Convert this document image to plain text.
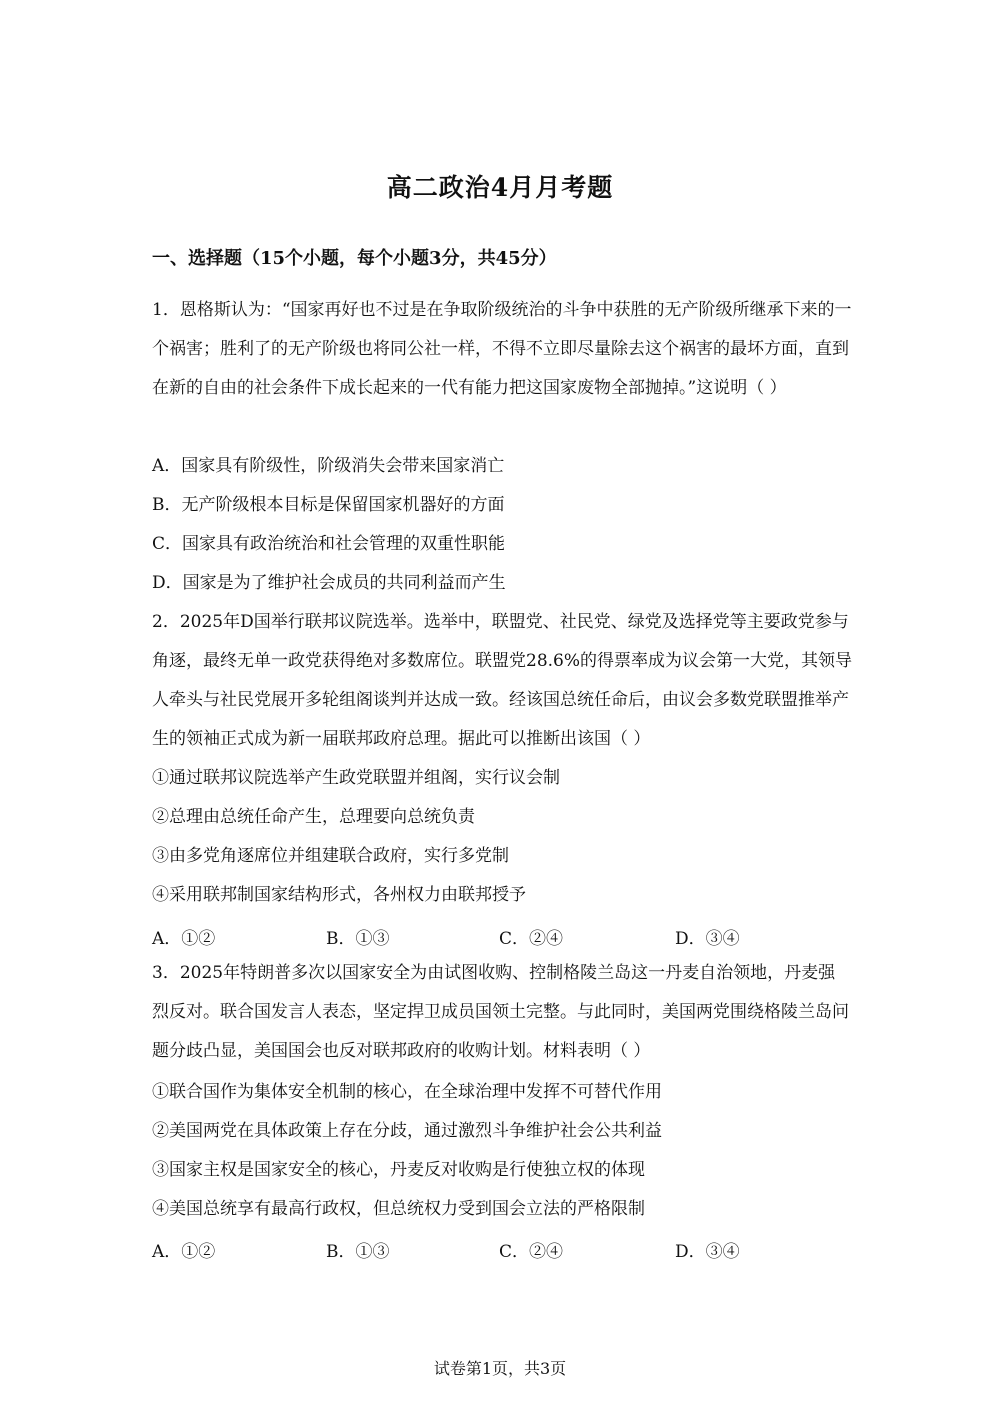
高二政治4月月考题
一、选择题（15个小题，每个小题3分，共45分）
1．恩格斯认为：“国家再好也不过是在争取阶级统治的斗争中获胜的无产阶级所继承下来的一个祸害；胜利了的无产阶级也将同公社一样，不得不立即尽量除去这个祸害的最坏方面，直到在新的自由的社会条件下成长起来的一代有能力把这国家废物全部抛掉。”这说明（ ）
A．国家具有阶级性，阶级消失会带来国家消亡
B．无产阶级根本目标是保留国家机器好的方面
C．国家具有政治统治和社会管理的双重性职能
D．国家是为了维护社会成员的共同利益而产生
2．2025年D国举行联邦议院选举。选举中，联盟党、社民党、绿党及选择党等主要政党参与角逐，最终无单一政党获得绝对多数席位。联盟党28.6%的得票率成为议会第一大党，其领导人牵头与社民党展开多轮组阁谈判并达成一致。经该国总统任命后，由议会多数党联盟推举产生的领袖正式成为新一届联邦政府总理。据此可以推断出该国（ ）
①通过联邦议院选举产生政党联盟并组阁，实行议会制
②总理由总统任命产生，总理要向总统负责
③由多党角逐席位并组建联合政府，实行多党制
④采用联邦制国家结构形式，各州权力由联邦授予
A．①②	B．①③	C．②④	D．③④
3．2025年特朗普多次以国家安全为由试图收购、控制格陵兰岛这一丹麦自治领地，丹麦强烈反对。联合国发言人表态，坚定捍卫成员国领土完整。与此同时，美国两党围绕格陵兰岛问题分歧凸显，美国国会也反对联邦政府的收购计划。材料表明（ ）
①联合国作为集体安全机制的核心，在全球治理中发挥不可替代作用
②美国两党在具体政策上存在分歧，通过激烈斗争维护社会公共利益
③国家主权是国家安全的核心，丹麦反对收购是行使独立权的体现
④美国总统享有最高行政权，但总统权力受到国会立法的严格限制
A．①②	B．①③	C．②④	D．③④
试卷第1页，共3页
